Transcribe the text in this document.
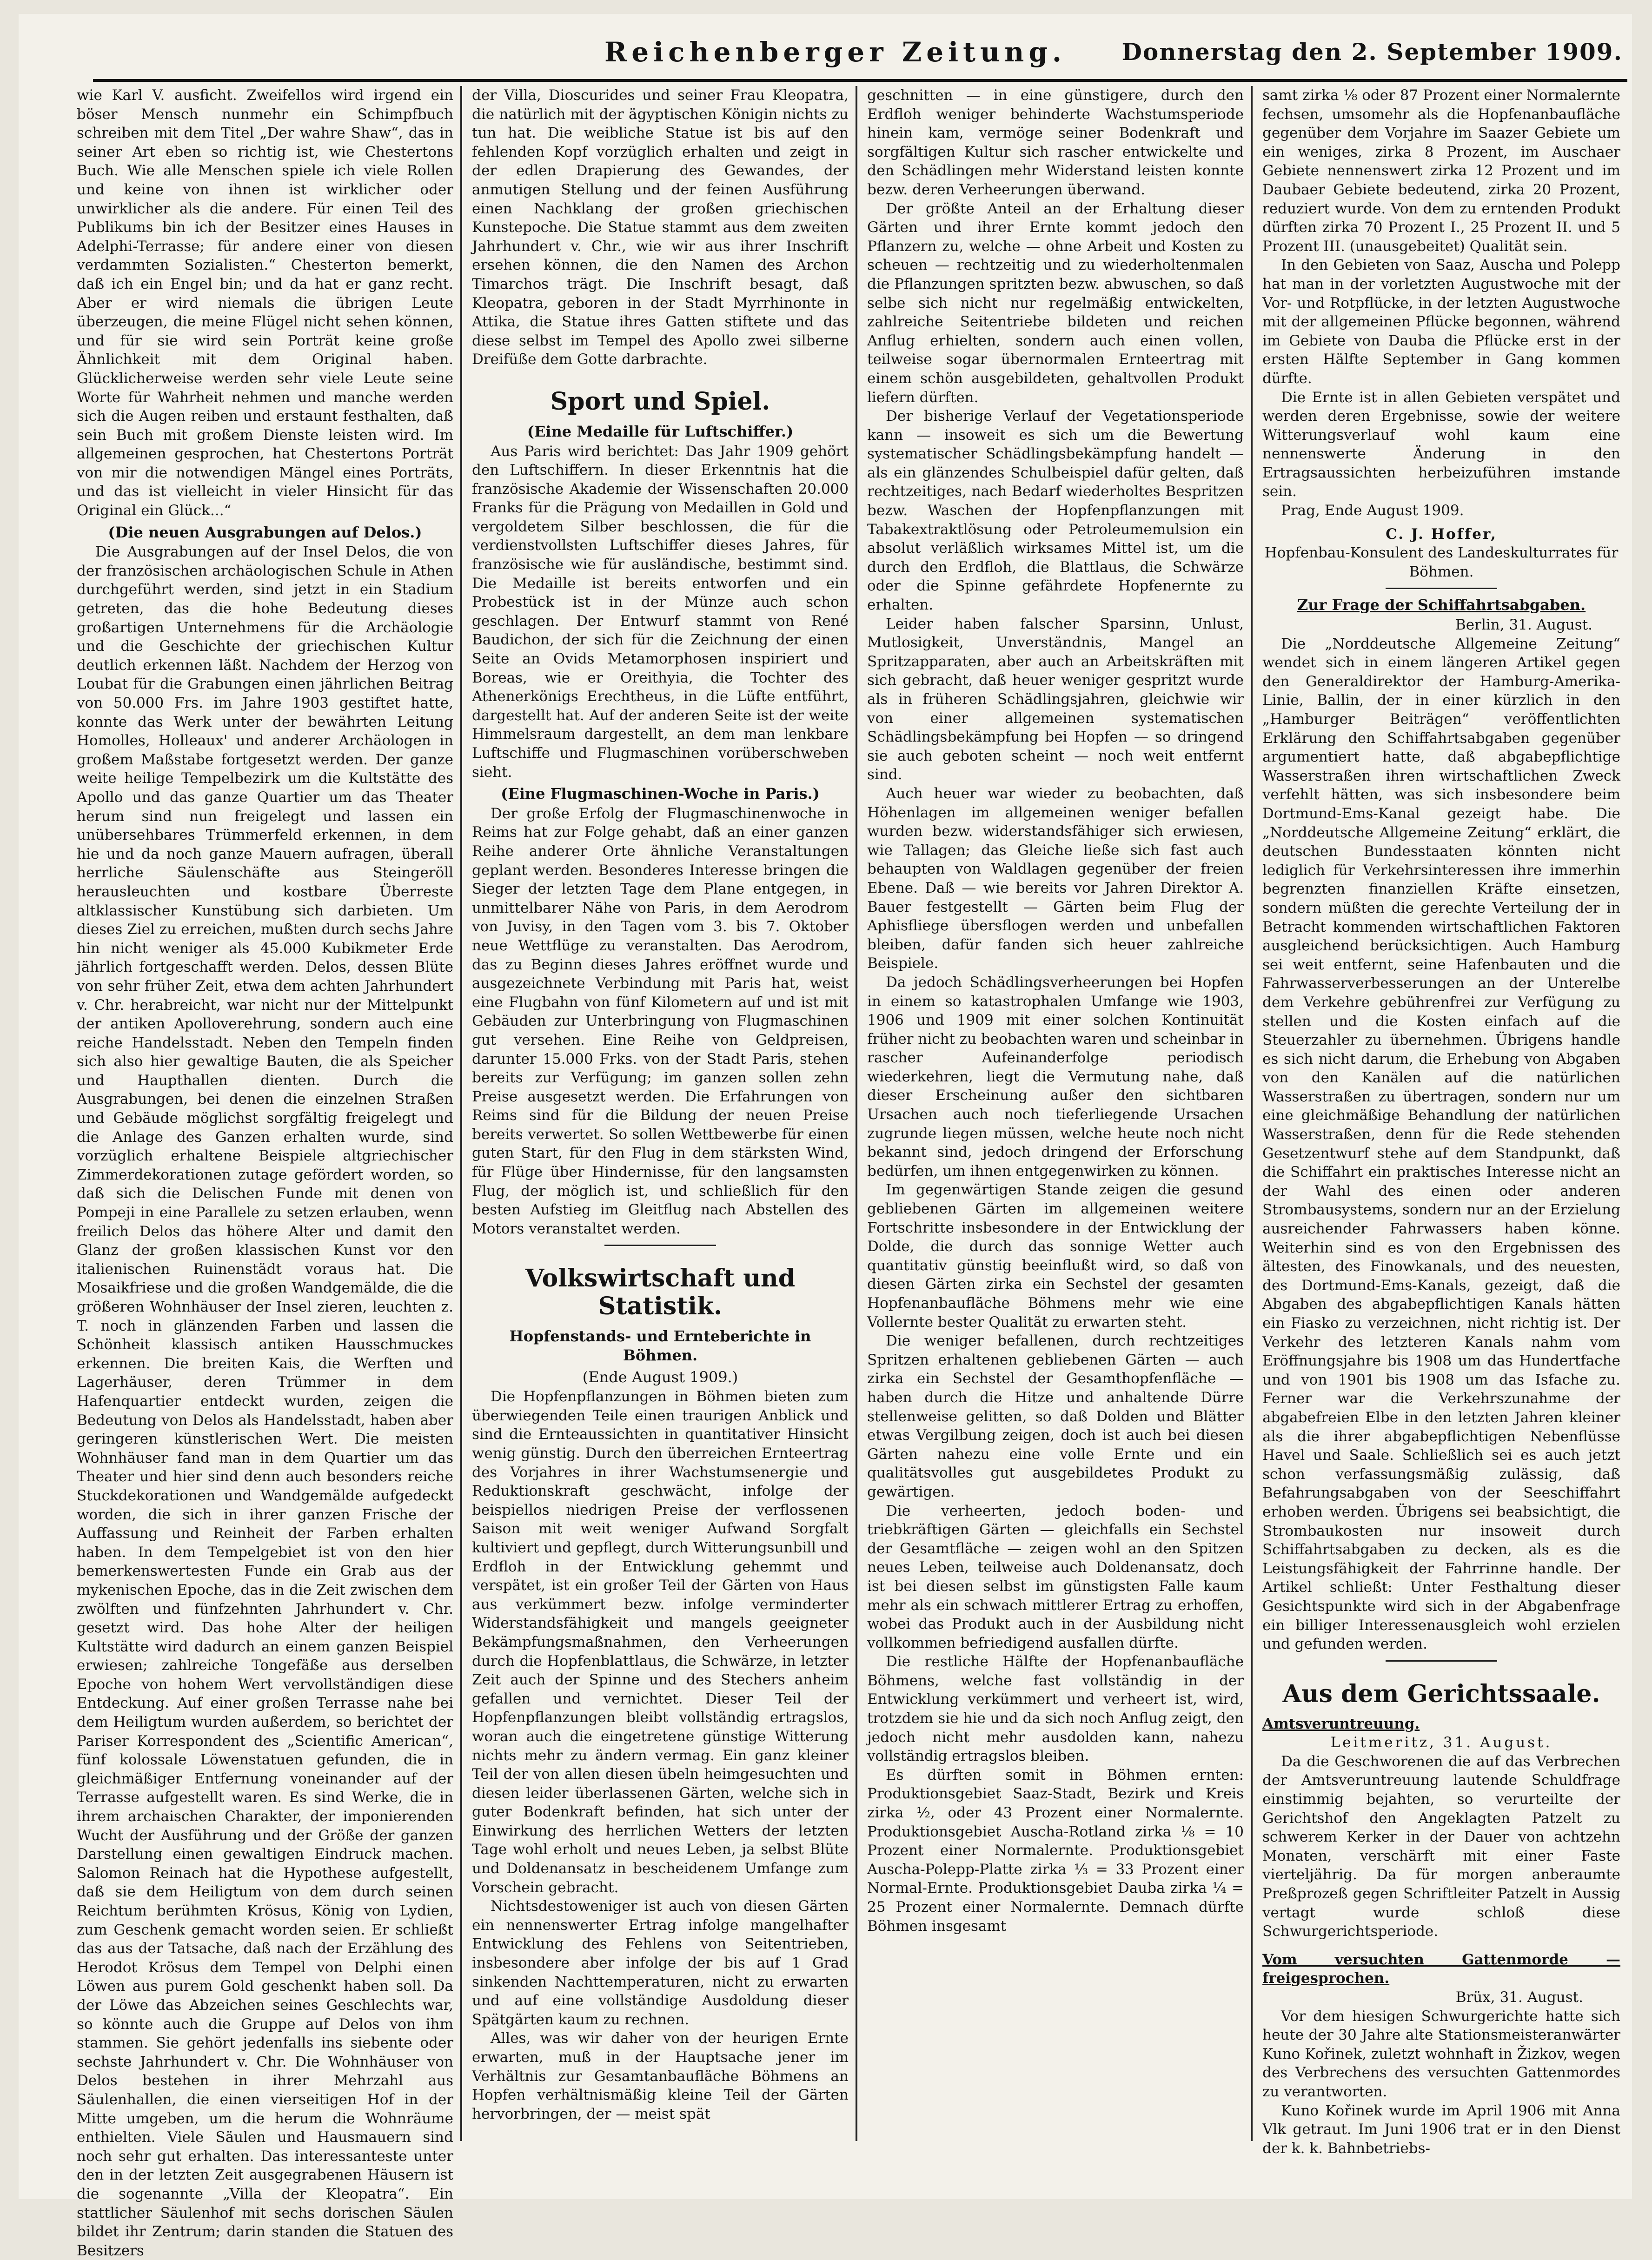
Reichenberger Zeitung. Donnerstag den 2. September 1909.

wie Karl V. ausficht. Zweifellos wird irgend ein böser Mensch nunmehr ein Schimpfbuch schreiben mit dem Titel „Der wahre Shaw“, das in seiner Art eben so richtig ist, wie Chestertons Buch. Wie alle Menschen spiele ich viele Rollen und keine von ihnen ist wirklicher oder unwirklicher als die andere. Für einen Teil des Publikums bin ich der Besitzer eines Hauses in Adelphi-Terrasse; für andere einer von diesen verdammten Sozialisten.“ Chesterton bemerkt, daß ich ein Engel bin; und da hat er ganz recht. Aber er wird niemals die übrigen Leute überzeugen, die meine Flügel nicht sehen können, und für sie wird sein Porträt keine große Ähnlichkeit mit dem Original haben. Glücklicherweise werden sehr viele Leute seine Worte für Wahrheit nehmen und manche werden sich die Augen reiben und erstaunt festhalten, daß sein Buch mit großem Dienste leisten wird. Im allgemeinen gesprochen, hat Chestertons Porträt von mir die notwendigen Mängel eines Porträts, und das ist vielleicht in vieler Hinsicht für das Original ein Glück...“

(Die neuen Ausgrabungen auf Delos.)

Die Ausgrabungen auf der Insel Delos, die von der französischen archäologischen Schule in Athen durchgeführt werden, sind jetzt in ein Stadium getreten, das die hohe Bedeutung dieses großartigen Unternehmens für die Archäologie und die Geschichte der griechischen Kultur deutlich erkennen läßt. Nachdem der Herzog von Loubat für die Grabungen einen jährlichen Beitrag von 50.000 Frs. im Jahre 1903 gestiftet hatte, konnte das Werk unter der bewährten Leitung Homolles, Holleaux' und anderer Archäologen in großem Maßstabe fortgesetzt werden. Der ganze weite heilige Tempelbezirk um die Kultstätte des Apollo und das ganze Quartier um das Theater herum sind nun freigelegt und lassen ein unübersehbares Trümmerfeld erkennen, in dem hie und da noch ganze Mauern aufragen, überall herrliche Säulenschäfte aus Steingeröll herausleuchten und kostbare Überreste altklassischer Kunstübung sich darbieten. Um dieses Ziel zu erreichen, mußten durch sechs Jahre hin nicht weniger als 45.000 Kubikmeter Erde jährlich fortgeschafft werden. Delos, dessen Blüte von sehr früher Zeit, etwa dem achten Jahrhundert v. Chr. herabreicht, war nicht nur der Mittelpunkt der antiken Apolloverehrung, sondern auch eine reiche Handelsstadt. Neben den Tempeln finden sich also hier gewaltige Bauten, die als Speicher und Haupthallen dienten. Durch die Ausgrabungen, bei denen die einzelnen Straßen und Gebäude möglichst sorgfältig freigelegt und die Anlage des Ganzen erhalten wurde, sind vorzüglich erhaltene Beispiele altgriechischer Zimmerdekorationen zutage gefördert worden, so daß sich die Delischen Funde mit denen von Pompeji in eine Parallele zu setzen erlauben, wenn freilich Delos das höhere Alter und damit den Glanz der großen klassischen Kunst vor den italienischen Ruinenstädt voraus hat. Die Mosaikfriese und die großen Wandgemälde, die die größeren Wohnhäuser der Insel zieren, leuchten z. T. noch in glänzenden Farben und lassen die Schönheit klassisch antiken Hausschmuckes erkennen. Die breiten Kais, die Werften und Lagerhäuser, deren Trümmer in dem Hafenquartier entdeckt wurden, zeigen die Bedeutung von Delos als Handelsstadt, haben aber geringeren künstlerischen Wert. Die meisten Wohnhäuser fand man in dem Quartier um das Theater und hier sind denn auch besonders reiche Stuckdekorationen und Wandgemälde aufgedeckt worden, die sich in ihrer ganzen Frische der Auffassung und Reinheit der Farben erhalten haben. In dem Tempelgebiet ist von den hier bemerkenswertesten Funde ein Grab aus der mykenischen Epoche, das in die Zeit zwischen dem zwölften und fünfzehnten Jahrhundert v. Chr. gesetzt wird. Das hohe Alter der heiligen Kultstätte wird dadurch an einem ganzen Beispiel erwiesen; zahlreiche Tongefäße aus derselben Epoche von hohem Wert vervollständigen diese Entdeckung. Auf einer großen Terrasse nahe bei dem Heiligtum wurden außerdem, so berichtet der Pariser Korrespondent des „Scientific American“, fünf kolossale Löwenstatuen gefunden, die in gleichmäßiger Entfernung voneinander auf der Terrasse aufgestellt waren. Es sind Werke, die in ihrem archaischen Charakter, der imponierenden Wucht der Ausführung und der Größe der ganzen Darstellung einen gewaltigen Eindruck machen. Salomon Reinach hat die Hypothese aufgestellt, daß sie dem Heiligtum von dem durch seinen Reichtum berühmten Krösus, König von Lydien, zum Geschenk gemacht worden seien. Er schließt das aus der Tatsache, daß nach der Erzählung des Herodot Krösus dem Tempel von Delphi einen Löwen aus purem Gold geschenkt haben soll. Da der Löwe das Abzeichen seines Geschlechts war, so könnte auch die Gruppe auf Delos von ihm stammen. Sie gehört jedenfalls ins siebente oder sechste Jahrhundert v. Chr. Die Wohnhäuser von Delos bestehen in ihrer Mehrzahl aus Säulenhallen, die einen vierseitigen Hof in der Mitte umgeben, um die herum die Wohnräume enthielten. Viele Säulen und Hausmauern sind noch sehr gut erhalten. Das interessanteste unter den in der letzten Zeit ausgegrabenen Häusern ist die sogenannte „Villa der Kleopatra“. Ein stattlicher Säulenhof mit sechs dorischen Säulen bildet ihr Zentrum; darin standen die Statuen des Besitzers

der Villa, Dioscurides und seiner Frau Kleopatra, die natürlich mit der ägyptischen Königin nichts zu tun hat. Die weibliche Statue ist bis auf den fehlenden Kopf vorzüglich erhalten und zeigt in der edlen Drapierung des Gewandes, der anmutigen Stellung und der feinen Ausführung einen Nachklang der großen griechischen Kunstepoche. Die Statue stammt aus dem zweiten Jahrhundert v. Chr., wie wir aus ihrer Inschrift ersehen können, die den Namen des Archon Timarchos trägt. Die Inschrift besagt, daß Kleopatra, geboren in der Stadt Myrrhinonte in Attika, die Statue ihres Gatten stiftete und das diese selbst im Tempel des Apollo zwei silberne Dreifüße dem Gotte darbrachte.

Sport und Spiel.
(Eine Medaille für Luftschiffer.)

Aus Paris wird berichtet: Das Jahr 1909 gehört den Luftschiffern. In dieser Erkenntnis hat die französische Akademie der Wissenschaften 20.000 Franks für die Prägung von Medaillen in Gold und vergoldetem Silber beschlossen, die für die verdienstvollsten Luftschiffer dieses Jahres, für französische wie für ausländische, bestimmt sind. Die Medaille ist bereits entworfen und ein Probestück ist in der Münze auch schon geschlagen. Der Entwurf stammt von René Baudichon, der sich für die Zeichnung der einen Seite an Ovids Metamorphosen inspiriert und Boreas, wie er Oreithyia, die Tochter des Athenerkönigs Erechtheus, in die Lüfte entführt, dargestellt hat. Auf der anderen Seite ist der weite Himmelsraum dargestellt, an dem man lenkbare Luftschiffe und Flugmaschinen vorüberschweben sieht.

(Eine Flugmaschinen-Woche in Paris.)

Der große Erfolg der Flugmaschinenwoche in Reims hat zur Folge gehabt, daß an einer ganzen Reihe anderer Orte ähnliche Veranstaltungen geplant werden. Besonderes Interesse bringen die Sieger der letzten Tage dem Plane entgegen, in unmittelbarer Nähe von Paris, in dem Aerodrom von Juvisy, in den Tagen vom 3. bis 7. Oktober neue Wettflüge zu veranstalten. Das Aerodrom, das zu Beginn dieses Jahres eröffnet wurde und ausgezeichnete Verbindung mit Paris hat, weist eine Flugbahn von fünf Kilometern auf und ist mit Gebäuden zur Unterbringung von Flugmaschinen gut versehen. Eine Reihe von Geldpreisen, darunter 15.000 Frks. von der Stadt Paris, stehen bereits zur Verfügung; im ganzen sollen zehn Preise ausgesetzt werden. Die Erfahrungen von Reims sind für die Bildung der neuen Preise bereits verwertet. So sollen Wettbewerbe für einen guten Start, für den Flug in dem stärksten Wind, für Flüge über Hindernisse, für den langsamsten Flug, der möglich ist, und schließlich für den besten Aufstieg im Gleitflug nach Abstellen des Motors veranstaltet werden.

Volkswirtschaft und Statistik.
Hopfenstands- und Ernteberichte in Böhmen.
(Ende August 1909.)

Die Hopfenpflanzungen in Böhmen bieten zum überwiegenden Teile einen traurigen Anblick und sind die Ernteaussichten in quantitativer Hinsicht wenig günstig. Durch den überreichen Ernteertrag des Vorjahres in ihrer Wachstumsenergie und Reduktionskraft geschwächt, infolge der beispiellos niedrigen Preise der verflossenen Saison mit weit weniger Aufwand Sorgfalt kultiviert und gepflegt, durch Witterungsunbill und Erdfloh in der Entwicklung gehemmt und verspätet, ist ein großer Teil der Gärten von Haus aus verkümmert bezw. infolge verminderter Widerstandsfähigkeit und mangels geeigneter Bekämpfungsmaßnahmen, den Verheerungen durch die Hopfenblattlaus, die Schwärze, in letzter Zeit auch der Spinne und des Stechers anheim gefallen und vernichtet. Dieser Teil der Hopfenpflanzungen bleibt vollständig ertragslos, woran auch die eingetretene günstige Witterung nichts mehr zu ändern vermag. Ein ganz kleiner Teil der von allen diesen übeln heimgesuchten und diesen leider überlassenen Gärten, welche sich in guter Bodenkraft befinden, hat sich unter der Einwirkung des herrlichen Wetters der letzten Tage wohl erholt und neues Leben, ja selbst Blüte und Doldenansatz in bescheidenem Umfange zum Vorschein gebracht.

Nichtsdestoweniger ist auch von diesen Gärten ein nennenswerter Ertrag infolge mangelhafter Entwicklung des Fehlens von Seitentrieben, insbesondere aber infolge der bis auf 1 Grad sinkenden Nachttemperaturen, nicht zu erwarten und auf eine vollständige Ausdoldung dieser Spätgärten kaum zu rechnen.

Alles, was wir daher von der heurigen Ernte erwarten, muß in der Hauptsache jener im Verhältnis zur Gesamtanbaufläche Böhmens an Hopfen verhältnismäßig kleine Teil der Gärten hervorbringen, der — meist spät

geschnitten — in eine günstigere, durch den Erdfloh weniger behinderte Wachstumsperiode hinein kam, vermöge seiner Bodenkraft und sorgfältigen Kultur sich rascher entwickelte und den Schädlingen mehr Widerstand leisten konnte bezw. deren Verheerungen überwand.

Der größte Anteil an der Erhaltung dieser Gärten und ihrer Ernte kommt jedoch den Pflanzern zu, welche — ohne Arbeit und Kosten zu scheuen — rechtzeitig und zu wiederholtenmalen die Pflanzungen spritzten bezw. abwuschen, so daß selbe sich nicht nur regelmäßig entwickelten, zahlreiche Seitentriebe bildeten und reichen Anflug erhielten, sondern auch einen vollen, teilweise sogar übernormalen Ernteertrag mit einem schön ausgebildeten, gehaltvollen Produkt liefern dürften.

Der bisherige Verlauf der Vegetationsperiode kann — insoweit es sich um die Bewertung systematischer Schädlingsbekämpfung handelt — als ein glänzendes Schulbeispiel dafür gelten, daß rechtzeitiges, nach Bedarf wiederholtes Bespritzen bezw. Waschen der Hopfenpflanzungen mit Tabakextraktlösung oder Petroleumemulsion ein absolut verläßlich wirksames Mittel ist, um die durch den Erdfloh, die Blattlaus, die Schwärze oder die Spinne gefährdete Hopfenernte zu erhalten.

Leider haben falscher Sparsinn, Unlust, Mutlosigkeit, Unverständnis, Mangel an Spritzapparaten, aber auch an Arbeitskräften mit sich gebracht, daß heuer weniger gespritzt wurde als in früheren Schädlingsjahren, gleichwie wir von einer allgemeinen systematischen Schädlingsbekämpfung bei Hopfen — so dringend sie auch geboten scheint — noch weit entfernt sind.

Auch heuer war wieder zu beobachten, daß Höhenlagen im allgemeinen weniger befallen wurden bezw. widerstandsfähiger sich erwiesen, wie Tallagen; das Gleiche ließe sich fast auch behaupten von Waldlagen gegenüber der freien Ebene. Daß — wie bereits vor Jahren Direktor A. Bauer festgestellt — Gärten beim Flug der Aphisfliege übersflogen werden und unbefallen bleiben, dafür fanden sich heuer zahlreiche Beispiele.

Da jedoch Schädlingsverheerungen bei Hopfen in einem so katastrophalen Umfange wie 1903, 1906 und 1909 mit einer solchen Kontinuität früher nicht zu beobachten waren und scheinbar in rascher Aufeinanderfolge periodisch wiederkehren, liegt die Vermutung nahe, daß dieser Erscheinung außer den sichtbaren Ursachen auch noch tieferliegende Ursachen zugrunde liegen müssen, welche heute noch nicht bekannt sind, jedoch dringend der Erforschung bedürfen, um ihnen entgegenwirken zu können.

Im gegenwärtigen Stande zeigen die gesund gebliebenen Gärten im allgemeinen weitere Fortschritte insbesondere in der Entwicklung der Dolde, die durch das sonnige Wetter auch quantitativ günstig beeinflußt wird, so daß von diesen Gärten zirka ein Sechstel der gesamten Hopfenanbaufläche Böhmens mehr wie eine Vollernte bester Qualität zu erwarten steht.

Die weniger befallenen, durch rechtzeitiges Spritzen erhaltenen gebliebenen Gärten — auch zirka ein Sechstel der Gesamthopfenfläche — haben durch die Hitze und anhaltende Dürre stellenweise gelitten, so daß Dolden und Blätter etwas Vergilbung zeigen, doch ist auch bei diesen Gärten nahezu eine volle Ernte und ein qualitätsvolles gut ausgebildetes Produkt zu gewärtigen.

Die verheerten, jedoch boden- und triebkräftigen Gärten — gleichfalls ein Sechstel der Gesamtfläche — zeigen wohl an den Spitzen neues Leben, teilweise auch Doldenansatz, doch ist bei diesen selbst im günstigsten Falle kaum mehr als ein schwach mittlerer Ertrag zu erhoffen, wobei das Produkt auch in der Ausbildung nicht vollkommen befriedigend ausfallen dürfte.

Die restliche Hälfte der Hopfenanbaufläche Böhmens, welche fast vollständig in der Entwicklung verkümmert und verheert ist, wird, trotzdem sie hie und da sich noch Anflug zeigt, den jedoch nicht mehr ausdolden kann, nahezu vollständig ertragslos bleiben.

Es dürften somit in Böhmen ernten: Produktionsgebiet Saaz-Stadt, Bezirk und Kreis zirka ½, oder 43 Prozent einer Normalernte. Produktionsgebiet Auscha-Rotland zirka ⅛ = 10 Prozent einer Normalernte. Produktionsgebiet Auscha-Polepp-Platte zirka ⅓ = 33 Prozent einer Normal-Ernte. Produktionsgebiet Dauba zirka ¼ = 25 Prozent einer Normalernte. Demnach dürfte Böhmen insgesamt

samt zirka ⅛ oder 87 Prozent einer Normalernte fechsen, umsomehr als die Hopfenanbaufläche gegenüber dem Vorjahre im Saazer Gebiete um ein weniges, zirka 8 Prozent, im Auschaer Gebiete nennenswert zirka 12 Prozent und im Daubaer Gebiete bedeutend, zirka 20 Prozent, reduziert wurde. Von dem zu erntenden Produkt dürften zirka 70 Prozent I., 25 Prozent II. und 5 Prozent III. (unausgebeitet) Qualität sein.

In den Gebieten von Saaz, Auscha und Polepp hat man in der vorletzten Augustwoche mit der Vor- und Rotpflücke, in der letzten Augustwoche mit der allgemeinen Pflücke begonnen, während im Gebiete von Dauba die Pflücke erst in der ersten Hälfte September in Gang kommen dürfte.

Die Ernte ist in allen Gebieten verspätet und werden deren Ergebnisse, sowie der weitere Witterungsverlauf wohl kaum eine nennenswerte Änderung in den Ertragsaussichten herbeizuführen imstande sein.

Prag, Ende August 1909.

C. J. Hoffer,
Hopfenbau-Konsulent des Landeskulturrates für Böhmen.
Zur Frage der Schiffahrtsabgaben.
Berlin, 31. August.

Die „Norddeutsche Allgemeine Zeitung“ wendet sich in einem längeren Artikel gegen den Generaldirektor der Hamburg-Amerika-Linie, Ballin, der in einer kürzlich in den „Hamburger Beiträgen“ veröffentlichten Erklärung den Schiffahrtsabgaben gegenüber argumentiert hatte, daß abgabepflichtige Wasserstraßen ihren wirtschaftlichen Zweck verfehlt hätten, was sich insbesondere beim Dortmund-Ems-Kanal gezeigt habe. Die „Norddeutsche Allgemeine Zeitung“ erklärt, die deutschen Bundesstaaten könnten nicht lediglich für Verkehrsinteressen ihre immerhin begrenzten finanziellen Kräfte einsetzen, sondern müßten die gerechte Verteilung der in Betracht kommenden wirtschaftlichen Faktoren ausgleichend berücksichtigen. Auch Hamburg sei weit entfernt, seine Hafenbauten und die Fahrwasserverbesserungen an der Unterelbe dem Verkehre gebührenfrei zur Verfügung zu stellen und die Kosten einfach auf die Steuerzahler zu übernehmen. Übrigens handle es sich nicht darum, die Erhebung von Abgaben von den Kanälen auf die natürlichen Wasserstraßen zu übertragen, sondern nur um eine gleichmäßige Behandlung der natürlichen Wasserstraßen, denn für die Rede stehenden Gesetzentwurf stehe auf dem Standpunkt, daß die Schiffahrt ein praktisches Interesse nicht an der Wahl des einen oder anderen Strombausystems, sondern nur an der Erzielung ausreichender Fahrwassers haben könne. Weiterhin sind es von den Ergebnissen des ältesten, des Finowkanals, und des neuesten, des Dortmund-Ems-Kanals, gezeigt, daß die Abgaben des abgabepflichtigen Kanals hätten ein Fiasko zu verzeichnen, nicht richtig ist. Der Verkehr des letzteren Kanals nahm vom Eröffnungsjahre bis 1908 um das Hundertfache und von 1901 bis 1908 um das Isfache zu. Ferner war die Verkehrszunahme der abgabefreien Elbe in den letzten Jahren kleiner als die ihrer abgabepflichtigen Nebenflüsse Havel und Saale. Schließlich sei es auch jetzt schon verfassungsmäßig zulässig, daß Befahrungsabgaben von der Seeschiffahrt erhoben werden. Übrigens sei beabsichtigt, die Strombaukosten nur insoweit durch Schiffahrtsabgaben zu decken, als es die Leistungsfähigkeit der Fahrrinne handle. Der Artikel schließt: Unter Festhaltung dieser Gesichtspunkte wird sich in der Abgabenfrage ein billiger Interessenausgleich wohl erzielen und gefunden werden.

Aus dem Gerichtssaale.
Amtsveruntreuung.
Leitmeritz, 31. August.

Da die Geschworenen die auf das Verbrechen der Amtsveruntreuung lautende Schuldfrage einstimmig bejahten, so verurteilte der Gerichtshof den Angeklagten Patzelt zu schwerem Kerker in der Dauer von achtzehn Monaten, verschärft mit einer Faste vierteljährig. Da für morgen anberaumte Preßprozeß gegen Schriftleiter Patzelt in Aussig vertagt wurde schloß diese Schwurgerichtsperiode.

Vom versuchten Gattenmorde — freigesprochen.
Brüx, 31. August.

Vor dem hiesigen Schwurgerichte hatte sich heute der 30 Jahre alte Stationsmeisteranwärter Kuno Kořinek, zuletzt wohnhaft in Žizkov, wegen des Verbrechens des versuchten Gattenmordes zu verantworten.

Kuno Kořinek wurde im April 1906 mit Anna Vlk getraut. Im Juni 1906 trat er in den Dienst der k. k. Bahnbetriebs-
